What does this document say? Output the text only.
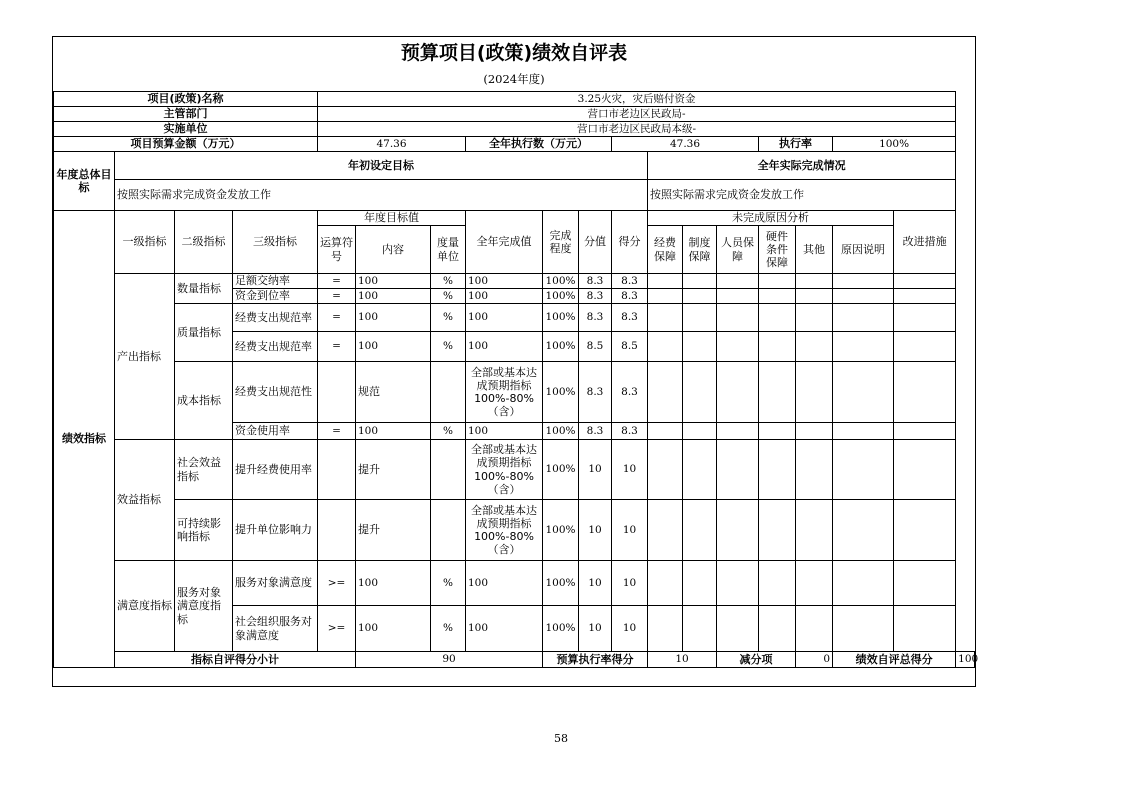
预算项目(政策)绩效自评表
(2024年度)
项目(政策)名称				3.25火灾，灾后赔付资金														
主管部门				营口市老边区民政局-														
实施单位				营口市老边区民政局本级-														
项目预算金额（万元）				47.36			全年执行数（万元）			47.36				执行率		100%		
年度总体目标	年初设定目标										全年实际完成情况							
	按照实际需求完成资金发放工作										按照实际需求完成资金发放工作							
绩效指标	一级指标	二级指标	三级指标	年度目标值			全年完成值	完成程度	分值	得分	未完成原因分析						改进措施	
				运算符号	内容	度量单位					经费保障	制度保障	人员保障	硬件条件保障	其他	原因说明		
	产出指标	数量指标	足额交纳率	=	100	%	100	100%	8.3	8.3								
			资金到位率	=	100	%	100	100%	8.3	8.3								
		质量指标	经费支出规范率	=	100	%	100	100%	8.3	8.3								
			经费支出规范率	=	100	%	100	100%	8.5	8.5								
		成本指标	经费支出规范性		规范		全部或基本达成预期指标100%-80%（含）	100%	8.3	8.3								
			资金使用率	=	100	%	100	100%	8.3	8.3								
	效益指标	社会效益指标	提升经费使用率		提升		全部或基本达成预期指标100%-80%（含）	100%	10	10								
		可持续影响指标	提升单位影响力		提升		全部或基本达成预期指标100%-80%（含）	100%	10	10								
	满意度指标	服务对象满意度指标	服务对象满意度	>=	100	%	100	100%	10	10								
			社会组织服务对象满意度	>=	100	%	100	100%	10	10								
	指标自评得分小计				90			预算执行率得分			10		减分项		0	绩效自评总得分		100
58
